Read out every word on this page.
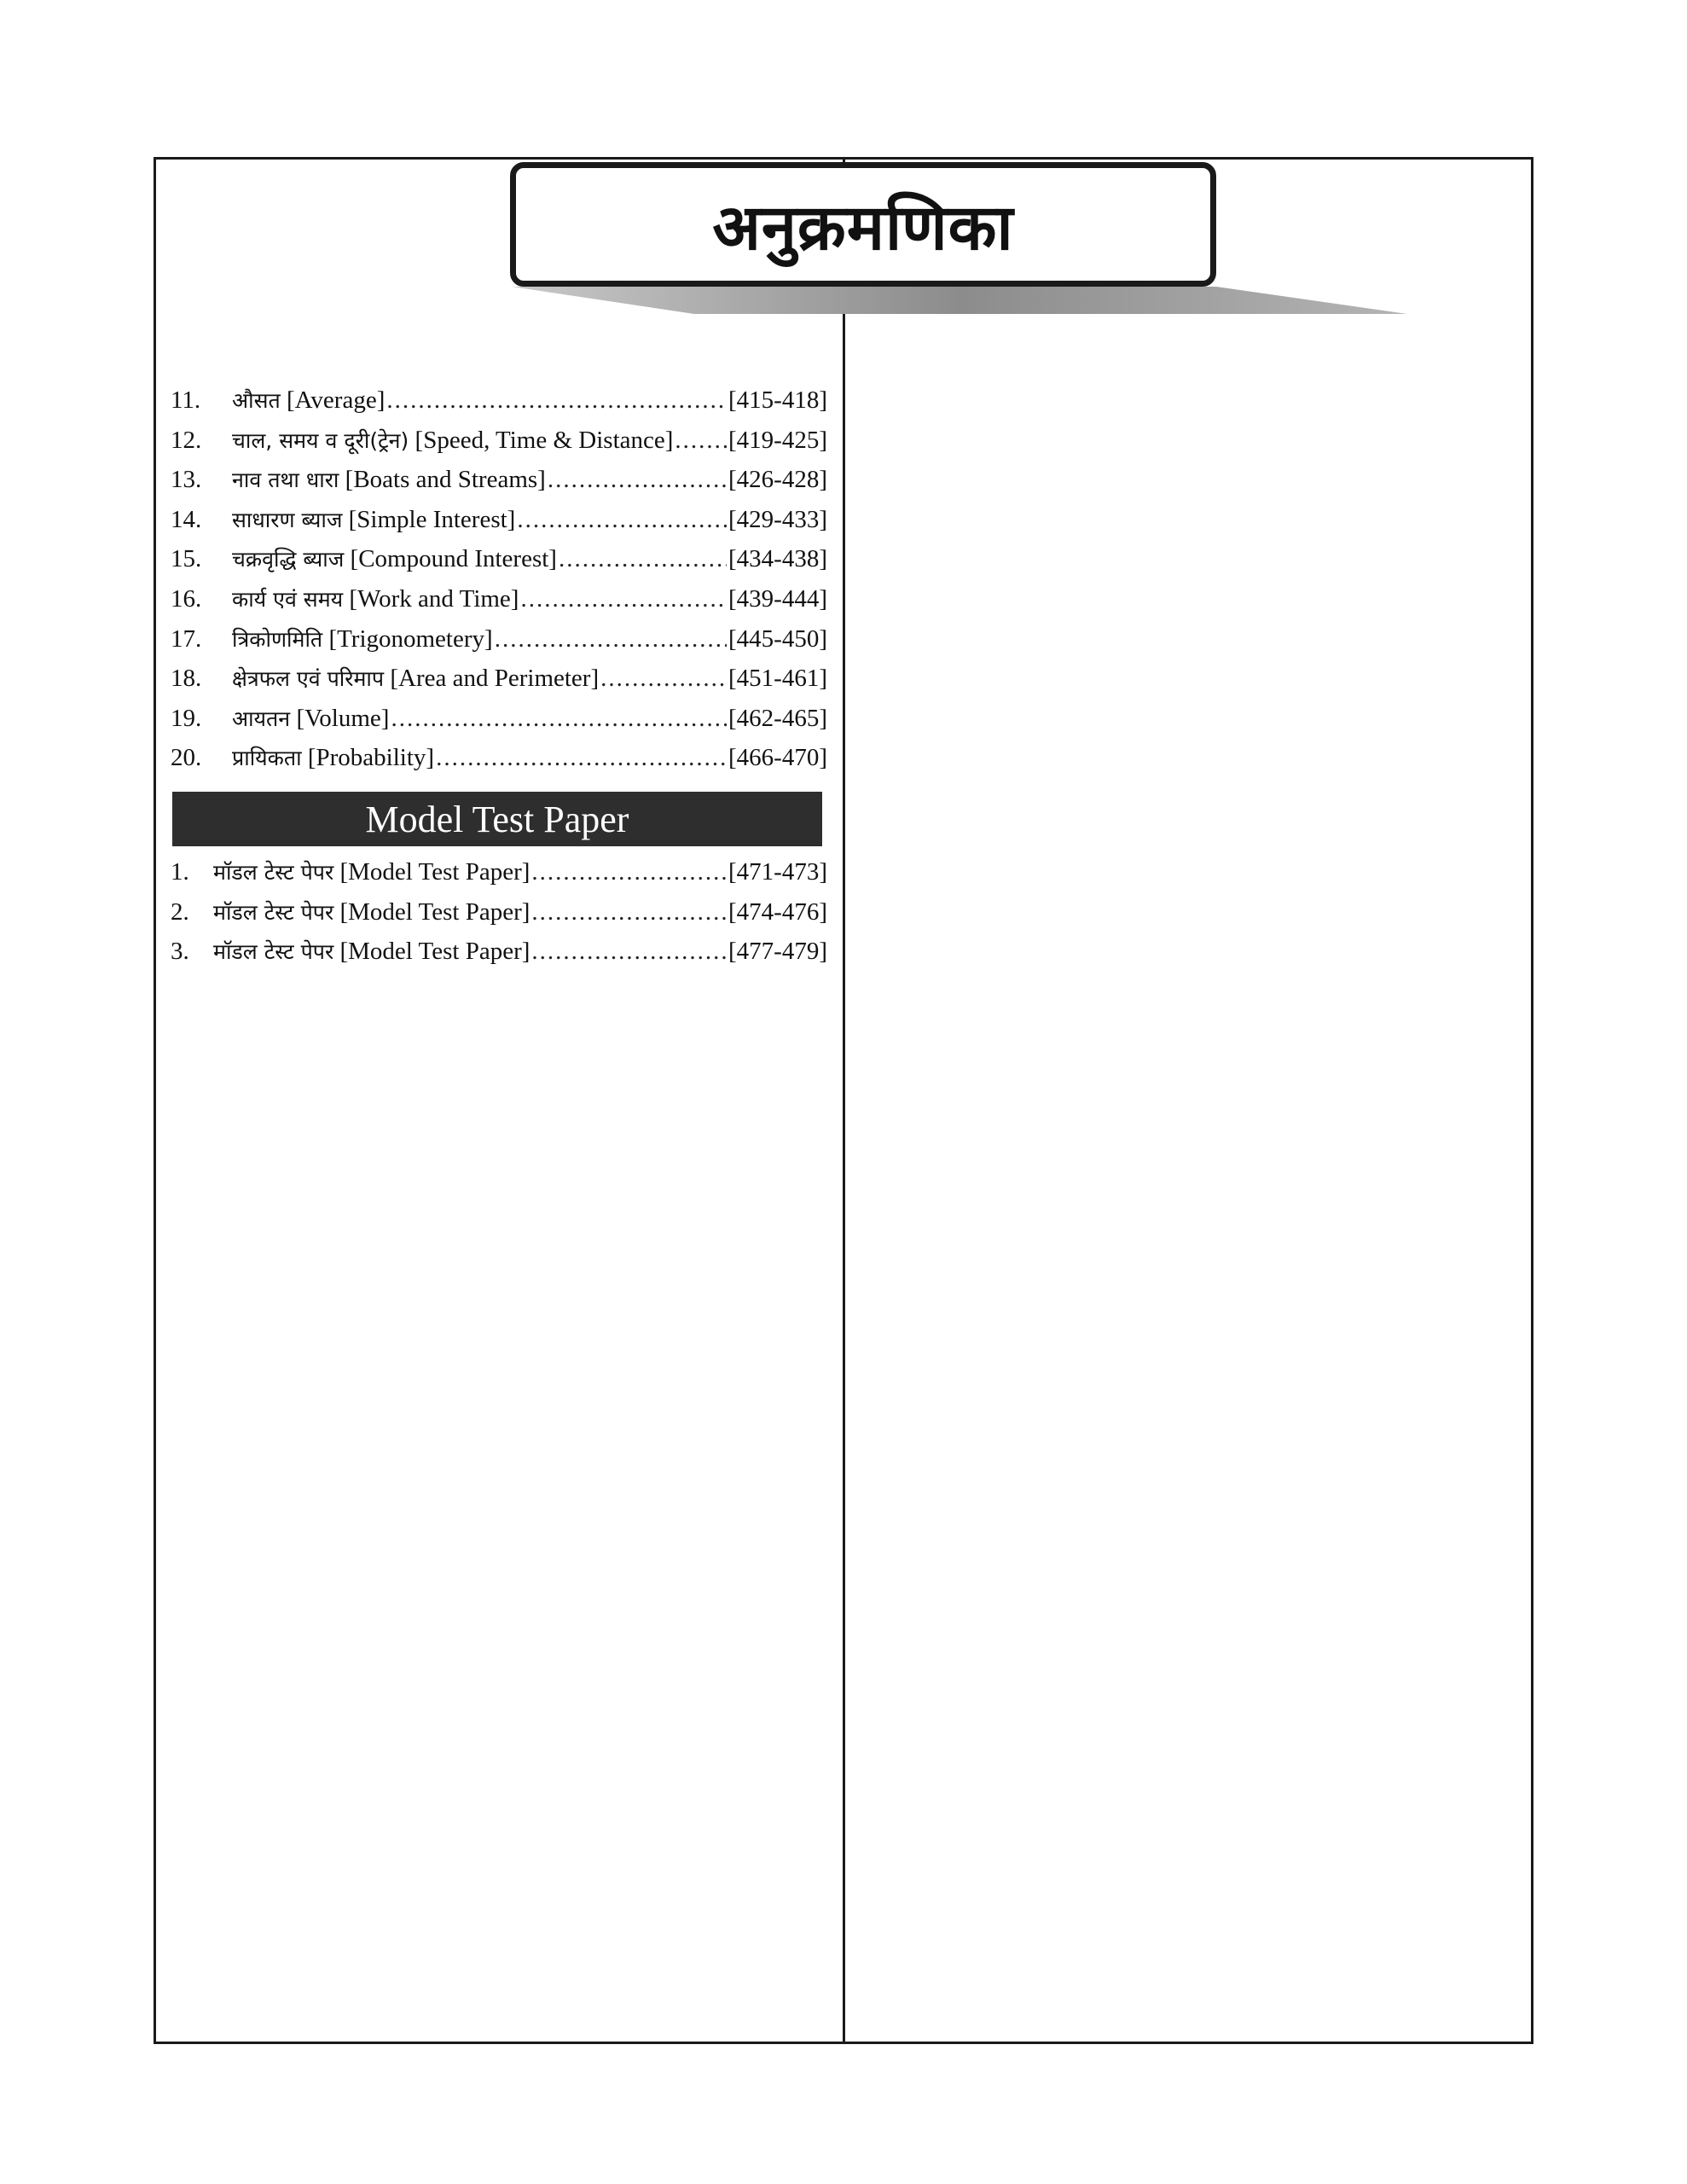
अनुक्रमणिका
11.	औसत [Average] .....	[415-418]
12.	चाल, समय व दूरी(ट्रेन) [Speed, Time & Distance] ..... [419-425]
13.	नाव तथा धारा [Boats and Streams] .....	[426-428]
14.	साधारण ब्याज [Simple Interest] .....	[429-433]
15.	चक्रवृद्धि ब्याज [Compound Interest] .....	[434-438]
16.	कार्य एवं समय [Work and Time] .....	[439-444]
17.	त्रिकोणमिति [Trigonometery] .....	[445-450]
18.	क्षेत्रफल एवं परिमाप [Area and Perimeter] .....	[451-461]
19.	आयतन [Volume] .....	[462-465]
20.	प्रायिकता [Probability] .....	[466-470]
Model Test Paper
1.	मॉडल टेस्ट पेपर [Model Test Paper] .....	[471-473]
2.	मॉडल टेस्ट पेपर [Model Test Paper] .....	[474-476]
3.	मॉडल टेस्ट पेपर [Model Test Paper] .....	[477-479]
